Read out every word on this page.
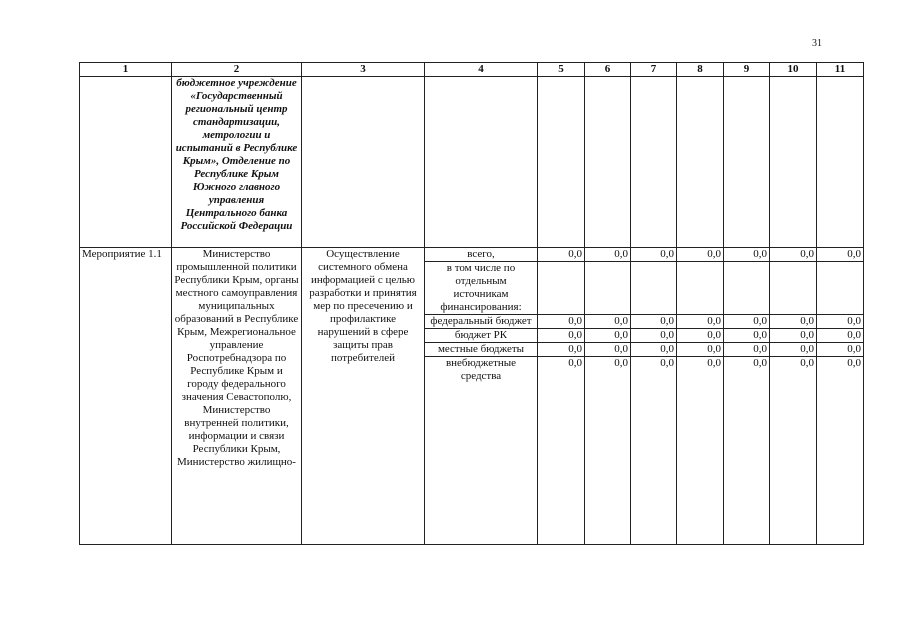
31
1	2	3	4	5	6	7	8	9	10	11
	бюджетное учреждение «Государственный региональный центр стандартизации, метрологии и испытаний в Республике Крым», Отделение по Республике Крым Южного главного управления Центрального банка Российской Федерации									
Мероприятие 1.1	Министерство промышленной политики Республики Крым, органы местного самоуправления муниципальных образований в Республике Крым, Межрегиональное управление Роспотребнадзора по Республике Крым и городу федерального значения Севастополю, Министерство внутренней политики, информации и связи Республики Крым, Министерство жилищно-	Осуществление системного обмена информацией с целью разработки и принятия мер по пресечению и профилактике нарушений в сфере защиты прав потребителей	всего,	0,0	0,0	0,0	0,0	0,0	0,0	0,0
			в том числе по отдельным источникам финансирования:							
			федеральный бюджет	0,0	0,0	0,0	0,0	0,0	0,0	0,0
			бюджет РК	0,0	0,0	0,0	0,0	0,0	0,0	0,0
			местные бюджеты	0,0	0,0	0,0	0,0	0,0	0,0	0,0
			внебюджетные средства	0,0	0,0	0,0	0,0	0,0	0,0	0,0
